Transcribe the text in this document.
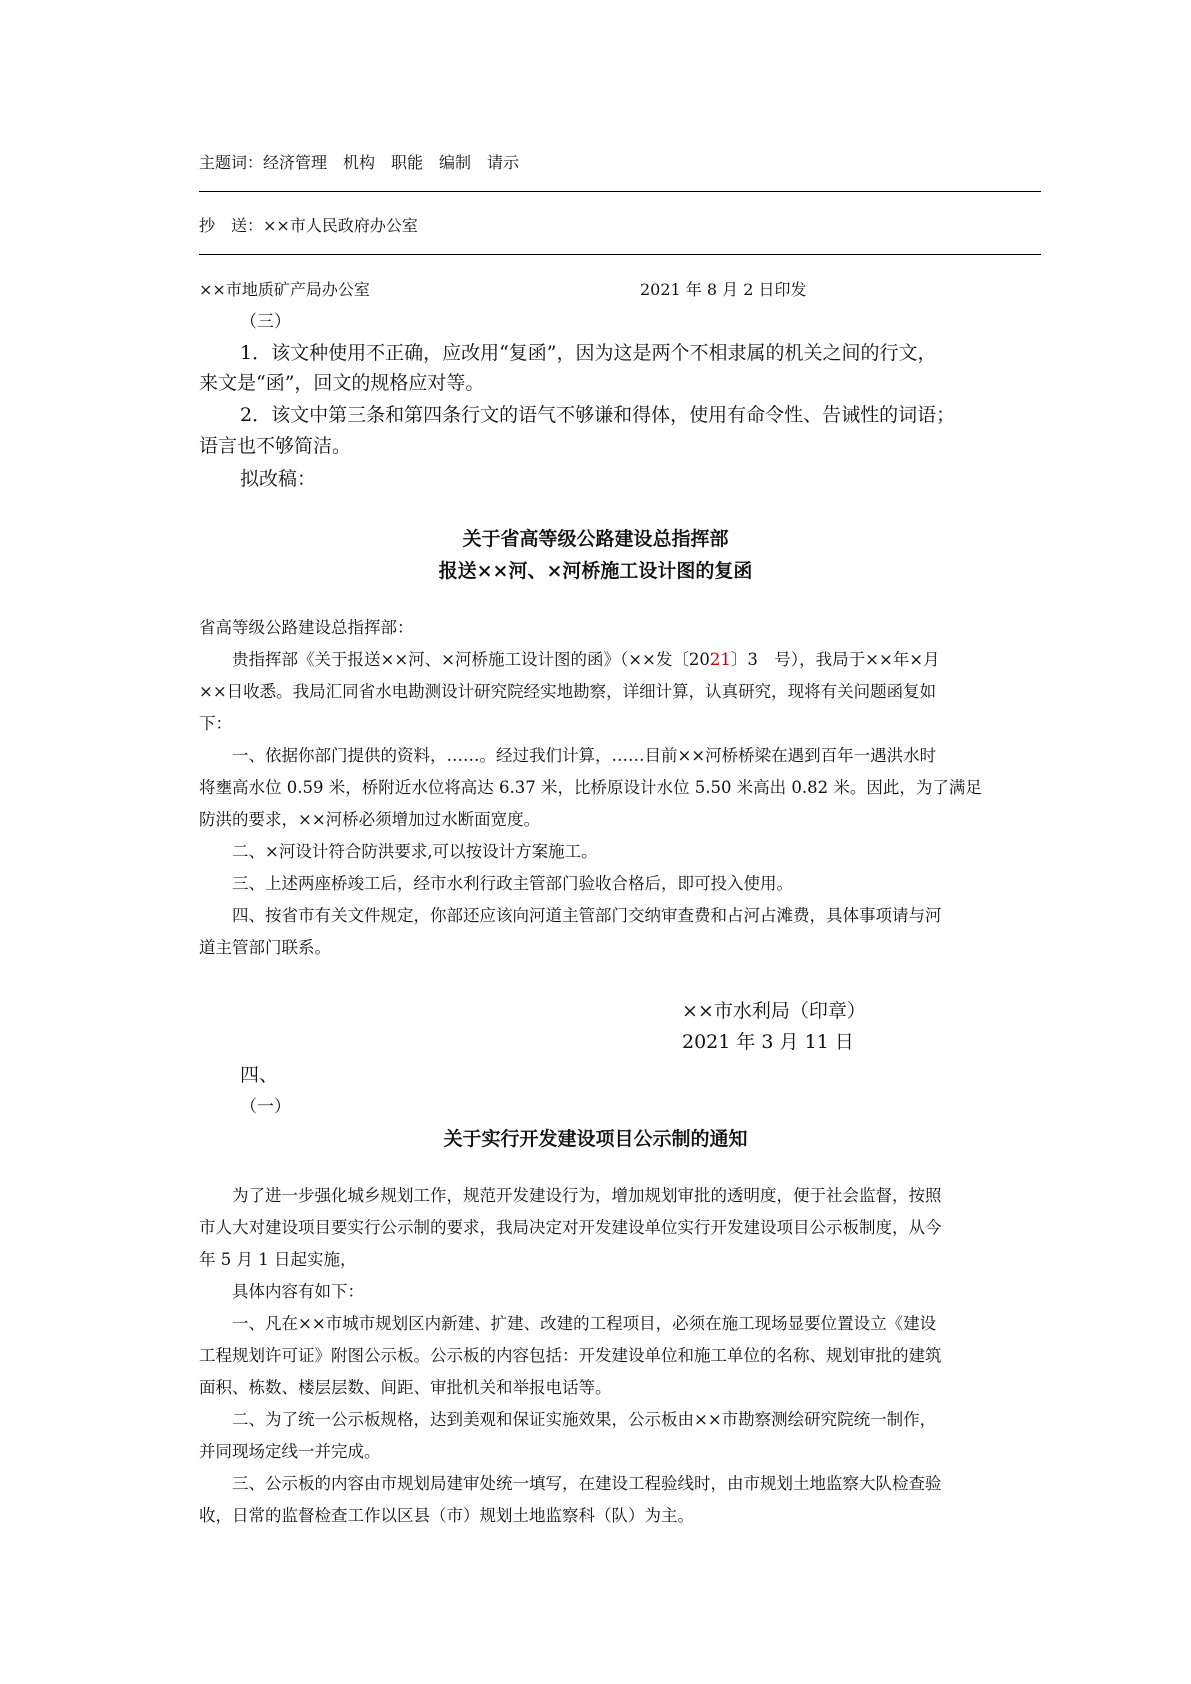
主题词：经济管理　机构　职能　编制　请示
抄　送：××市人民政府办公室
××市地质矿产局办公室	2021 年 8 月 2 日印发
（三）
1．该文种使用不正确，应改用“复函”，因为这是两个不相隶属的机关之间的行文，
来文是“函”，回文的规格应对等。
2．该文中第三条和第四条行文的语气不够谦和得体，使用有命令性、告诫性的词语；
语言也不够简洁。
拟改稿：
关于省高等级公路建设总指挥部
报送××河、×河桥施工设计图的复函
省高等级公路建设总指挥部：
贵指挥部《关于报送××河、×河桥施工设计图的函》（××发〔2021〕3　号），我局于××年×月
××日收悉。我局汇同省水电勘测设计研究院经实地勘察，详细计算，认真研究，现将有关问题函复如
下：
一、依据你部门提供的资料，……。经过我们计算，……目前××河桥桥梁在遇到百年一遇洪水时
将壅高水位 0.59 米，桥附近水位将高达 6.37 米，比桥原设计水位 5.50 米高出 0.82 米。因此，为了满足
防洪的要求，××河桥必须增加过水断面宽度。
二、×河设计符合防洪要求,可以按设计方案施工。
三、上述两座桥竣工后，经市水利行政主管部门验收合格后，即可投入使用。
四、按省市有关文件规定，你部还应该向河道主管部门交纳审查费和占河占滩费，具体事项请与河
道主管部门联系。
××市水利局（印章）
2021 年 3 月 11 日
四、
（一）
关于实行开发建设项目公示制的通知
为了进一步强化城乡规划工作，规范开发建设行为，增加规划审批的透明度，便于社会监督，按照
市人大对建设项目要实行公示制的要求，我局决定对开发建设单位实行开发建设项目公示板制度，从今
年 5 月 1 日起实施，
具体内容有如下：
一、凡在××市城市规划区内新建、扩建、改建的工程项目，必须在施工现场显要位置设立《建设
工程规划许可证》附图公示板。公示板的内容包括：开发建设单位和施工单位的名称、规划审批的建筑
面积、栋数、楼层层数、间距、审批机关和举报电话等。
二、为了统一公示板规格，达到美观和保证实施效果，公示板由××市勘察测绘研究院统一制作，
并同现场定线一并完成。
三、公示板的内容由市规划局建审处统一填写，在建设工程验线时，由市规划土地监察大队检查验
收，日常的监督检查工作以区县（市）规划土地监察科（队）为主。
